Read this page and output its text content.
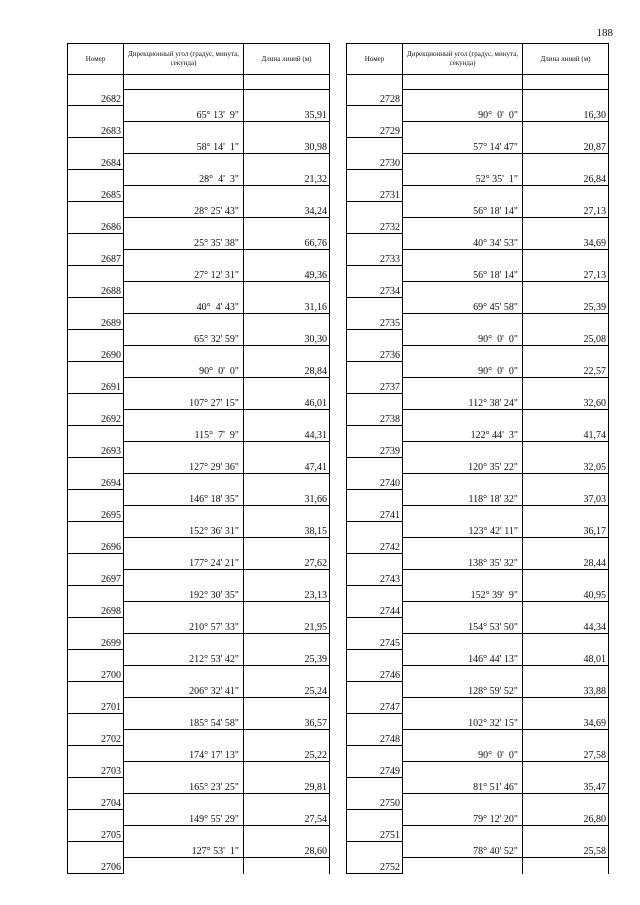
188
Номер	Дирекционный угол (градус, минута, секунда)	Длина линий (м)

2682		
	65° 13'  9"	35,91
2683		
	58° 14'  1"	30,98
2684		
	28°  4'  3"	21,32
2685		
	28° 25' 43"	34,24
2686		
	25° 35' 38"	66,76
2687		
	27° 12' 31"	49,36
2688		
	40°  4' 43"	31,16
2689		
	65° 32' 59"	30,30
2690		
	90°  0'  0"	28,84
2691		
	107° 27' 15"	46,01
2692		
	115°  7'  9"	44,31
2693		
	127° 29' 36"	47,41
2694		
	146° 18' 35"	31,66
2695		
	152° 36' 31"	38,15
2696		
	177° 24' 21"	27,62
2697		
	192° 30' 35"	23,13
2698		
	210° 57' 33"	21,95
2699		
	212° 53' 42"	25,39
2700		
	206° 32' 41"	25,24
2701		
	185° 54' 58"	36,57
2702		
	174° 17' 13"	25,22
2703		
	165° 23' 25"	29,81
2704		
	149° 55' 29"	27,54
2705		
	127° 53'  1"	28,60
2706		
Номер	Дирекционный угол (градус, минута, секунда)	Длина линий (м)

2728		
	90°  0'  0"	16,30
2729		
	57° 14' 47"	20,87
2730		
	52° 35'  1"	26,84
2731		
	56° 18' 14"	27,13
2732		
	40° 34' 53"	34,69
2733		
	56° 18' 14"	27,13
2734		
	69° 45' 58"	25,39
2735		
	90°  0'  0"	25,08
2736		
	90°  0'  0"	22,57
2737		
	112° 38' 24"	32,60
2738		
	122° 44'  3"	41,74
2739		
	120° 35' 22"	32,05
2740		
	118° 18' 32"	37,03
2741		
	123° 42' 11"	36,17
2742		
	138° 35' 32"	28,44
2743		
	152° 39'  9"	40,95
2744		
	154° 53' 50"	44,34
2745		
	146° 44' 13"	48,01
2746		
	128° 59' 52"	33,88
2747		
	102° 32' 15"	34,69
2748		
	90°  0'  0"	27,58
2749		
	81° 51' 46"	35,47
2750		
	79° 12' 20"	26,80
2751		
	78° 40' 52"	25,58
2752		
